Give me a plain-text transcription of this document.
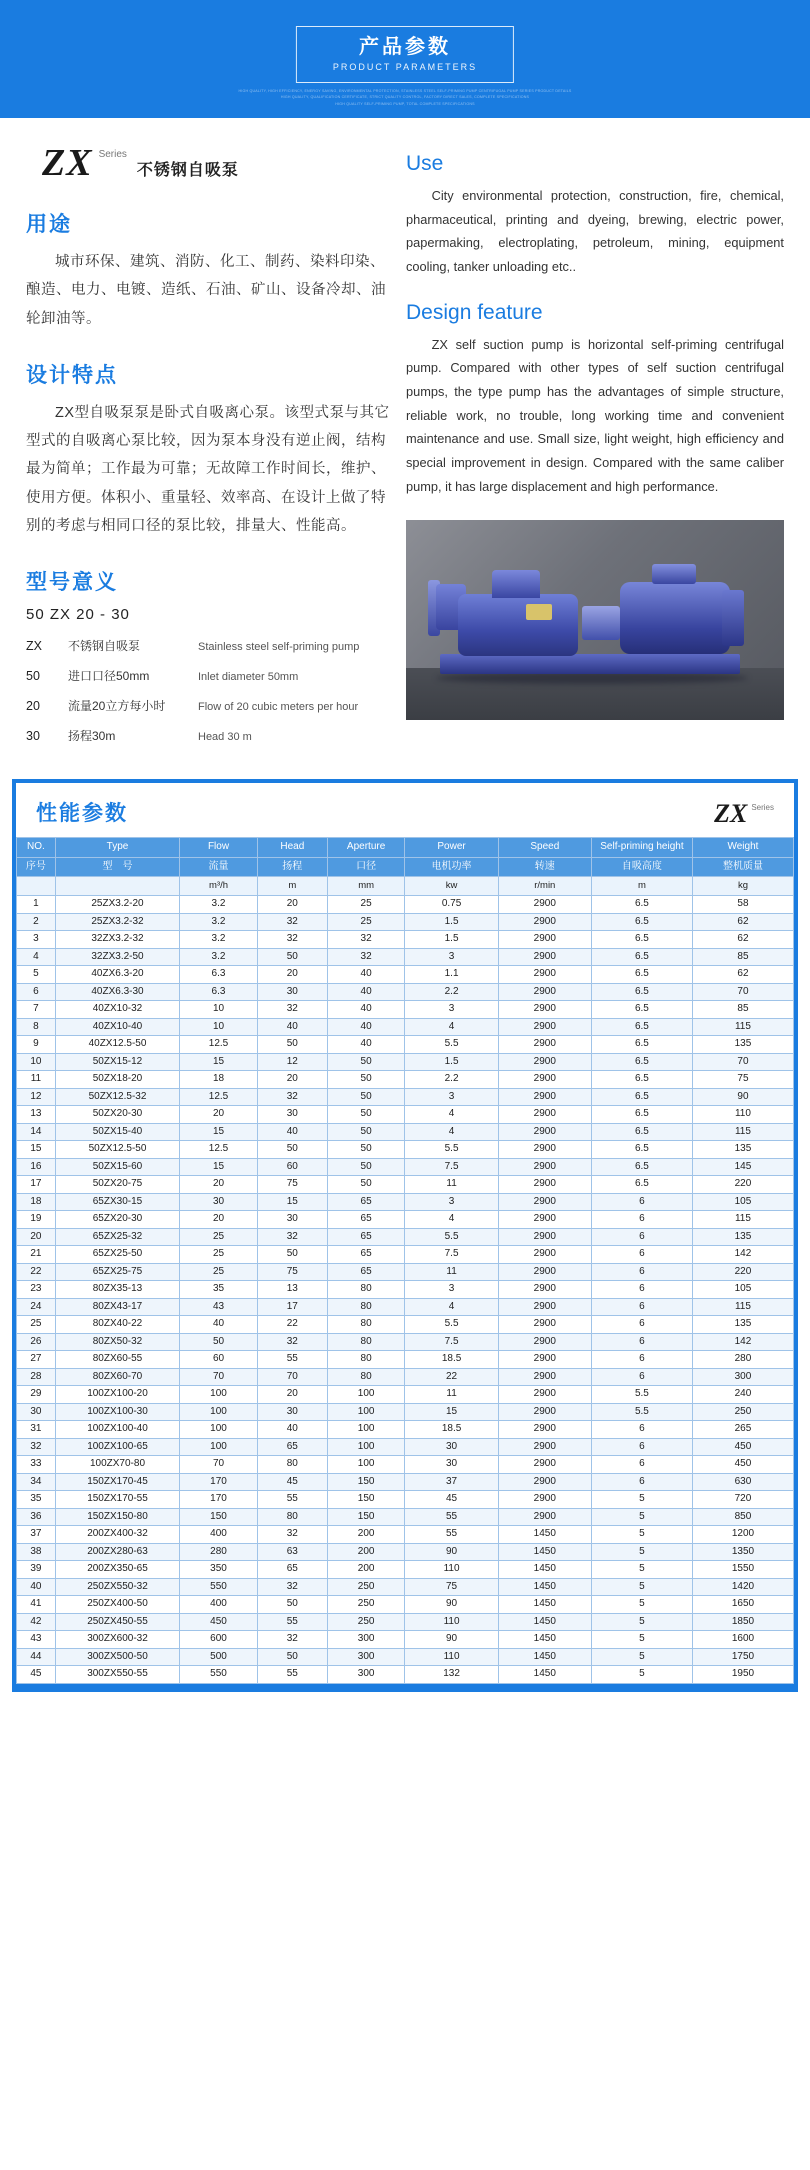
产品参数
PRODUCT PARAMETERS
HIGH QUALITY, HIGH EFFICIENCY, ENERGY SAVING, ENVIRONMENTAL PROTECTION, STAINLESS STEEL SELF-PRIMING PUMP CENTRIFUGAL PUMP SERIES PRODUCT DETAILS
HIGH QUALITY, QUALIFICATION CERTIFICATE, STRICT QUALITY CONTROL, FACTORY DIRECT SALES, COMPLETE SPECIFICATIONS
HIGH QUALITY SELF-PRIMING PUMP, TOTAL COMPLETE SPECIFICATIONS
ZX Series
不锈钢自吸泵
用途

城市环保、建筑、消防、化工、制药、染料印染、酿造、电力、电镀、造纸、石油、矿山、设备冷却、油轮卸油等。

设计特点

ZX型自吸泵泵是卧式自吸离心泵。该型式泵与其它型式的自吸离心泵比较，因为泵本身没有逆止阀，结构最为简单；工作最为可靠；无故障工作时间长，维护、使用方便。体积小、重量轻、效率高、在设计上做了特别的考虑与相同口径的泵比较，排量大、性能高。

型号意义
50 ZX 20 - 30
ZX	不锈钢自吸泵	Stainless steel self-priming pump
50	进口口径50mm	Inlet diameter 50mm
20	流量20立方每小时	Flow of 20 cubic meters per hour
30	扬程30m	Head 30 m
Use

City environmental protection, construction, fire, chemical, pharmaceutical, printing and dyeing, brewing, electric power, papermaking, electroplating, petroleum, mining, equipment cooling, tanker unloading etc..

Design feature

ZX self suction pump is horizontal self-priming centrifugal pump. Compared with other types of self suction centrifugal pumps, the type pump has the advantages of simple structure, reliable work, no trouble, long working time and convenient maintenance and use. Small size, light weight, high efficiency and special improvement in design. Compared with the same caliber pump, it has large displacement and high performance.

性能参数	ZX Series
NO.	Type	Flow	Head	Aperture	Power	Speed	Self-priming height	Weight
序号	型　号	流量	扬程	口径	电机功率	转速	自吸高度	整机质量
		m³/h	m	mm	kw	r/min	m	kg
1	25ZX3.2-20	3.2	20	25	0.75	2900	6.5	58
2	25ZX3.2-32	3.2	32	25	1.5	2900	6.5	62
3	32ZX3.2-32	3.2	32	32	1.5	2900	6.5	62
4	32ZX3.2-50	3.2	50	32	3	2900	6.5	85
5	40ZX6.3-20	6.3	20	40	1.1	2900	6.5	62
6	40ZX6.3-30	6.3	30	40	2.2	2900	6.5	70
7	40ZX10-32	10	32	40	3	2900	6.5	85
8	40ZX10-40	10	40	40	4	2900	6.5	115
9	40ZX12.5-50	12.5	50	40	5.5	2900	6.5	135
10	50ZX15-12	15	12	50	1.5	2900	6.5	70
11	50ZX18-20	18	20	50	2.2	2900	6.5	75
12	50ZX12.5-32	12.5	32	50	3	2900	6.5	90
13	50ZX20-30	20	30	50	4	2900	6.5	110
14	50ZX15-40	15	40	50	4	2900	6.5	115
15	50ZX12.5-50	12.5	50	50	5.5	2900	6.5	135
16	50ZX15-60	15	60	50	7.5	2900	6.5	145
17	50ZX20-75	20	75	50	11	2900	6.5	220
18	65ZX30-15	30	15	65	3	2900	6	105
19	65ZX20-30	20	30	65	4	2900	6	115
20	65ZX25-32	25	32	65	5.5	2900	6	135
21	65ZX25-50	25	50	65	7.5	2900	6	142
22	65ZX25-75	25	75	65	11	2900	6	220
23	80ZX35-13	35	13	80	3	2900	6	105
24	80ZX43-17	43	17	80	4	2900	6	115
25	80ZX40-22	40	22	80	5.5	2900	6	135
26	80ZX50-32	50	32	80	7.5	2900	6	142
27	80ZX60-55	60	55	80	18.5	2900	6	280
28	80ZX60-70	70	70	80	22	2900	6	300
29	100ZX100-20	100	20	100	11	2900	5.5	240
30	100ZX100-30	100	30	100	15	2900	5.5	250
31	100ZX100-40	100	40	100	18.5	2900	6	265
32	100ZX100-65	100	65	100	30	2900	6	450
33	100ZX70-80	70	80	100	30	2900	6	450
34	150ZX170-45	170	45	150	37	2900	6	630
35	150ZX170-55	170	55	150	45	2900	5	720
36	150ZX150-80	150	80	150	55	2900	5	850
37	200ZX400-32	400	32	200	55	1450	5	1200
38	200ZX280-63	280	63	200	90	1450	5	1350
39	200ZX350-65	350	65	200	110	1450	5	1550
40	250ZX550-32	550	32	250	75	1450	5	1420
41	250ZX400-50	400	50	250	90	1450	5	1650
42	250ZX450-55	450	55	250	110	1450	5	1850
43	300ZX600-32	600	32	300	90	1450	5	1600
44	300ZX500-50	500	50	300	110	1450	5	1750
45	300ZX550-55	550	55	300	132	1450	5	1950
